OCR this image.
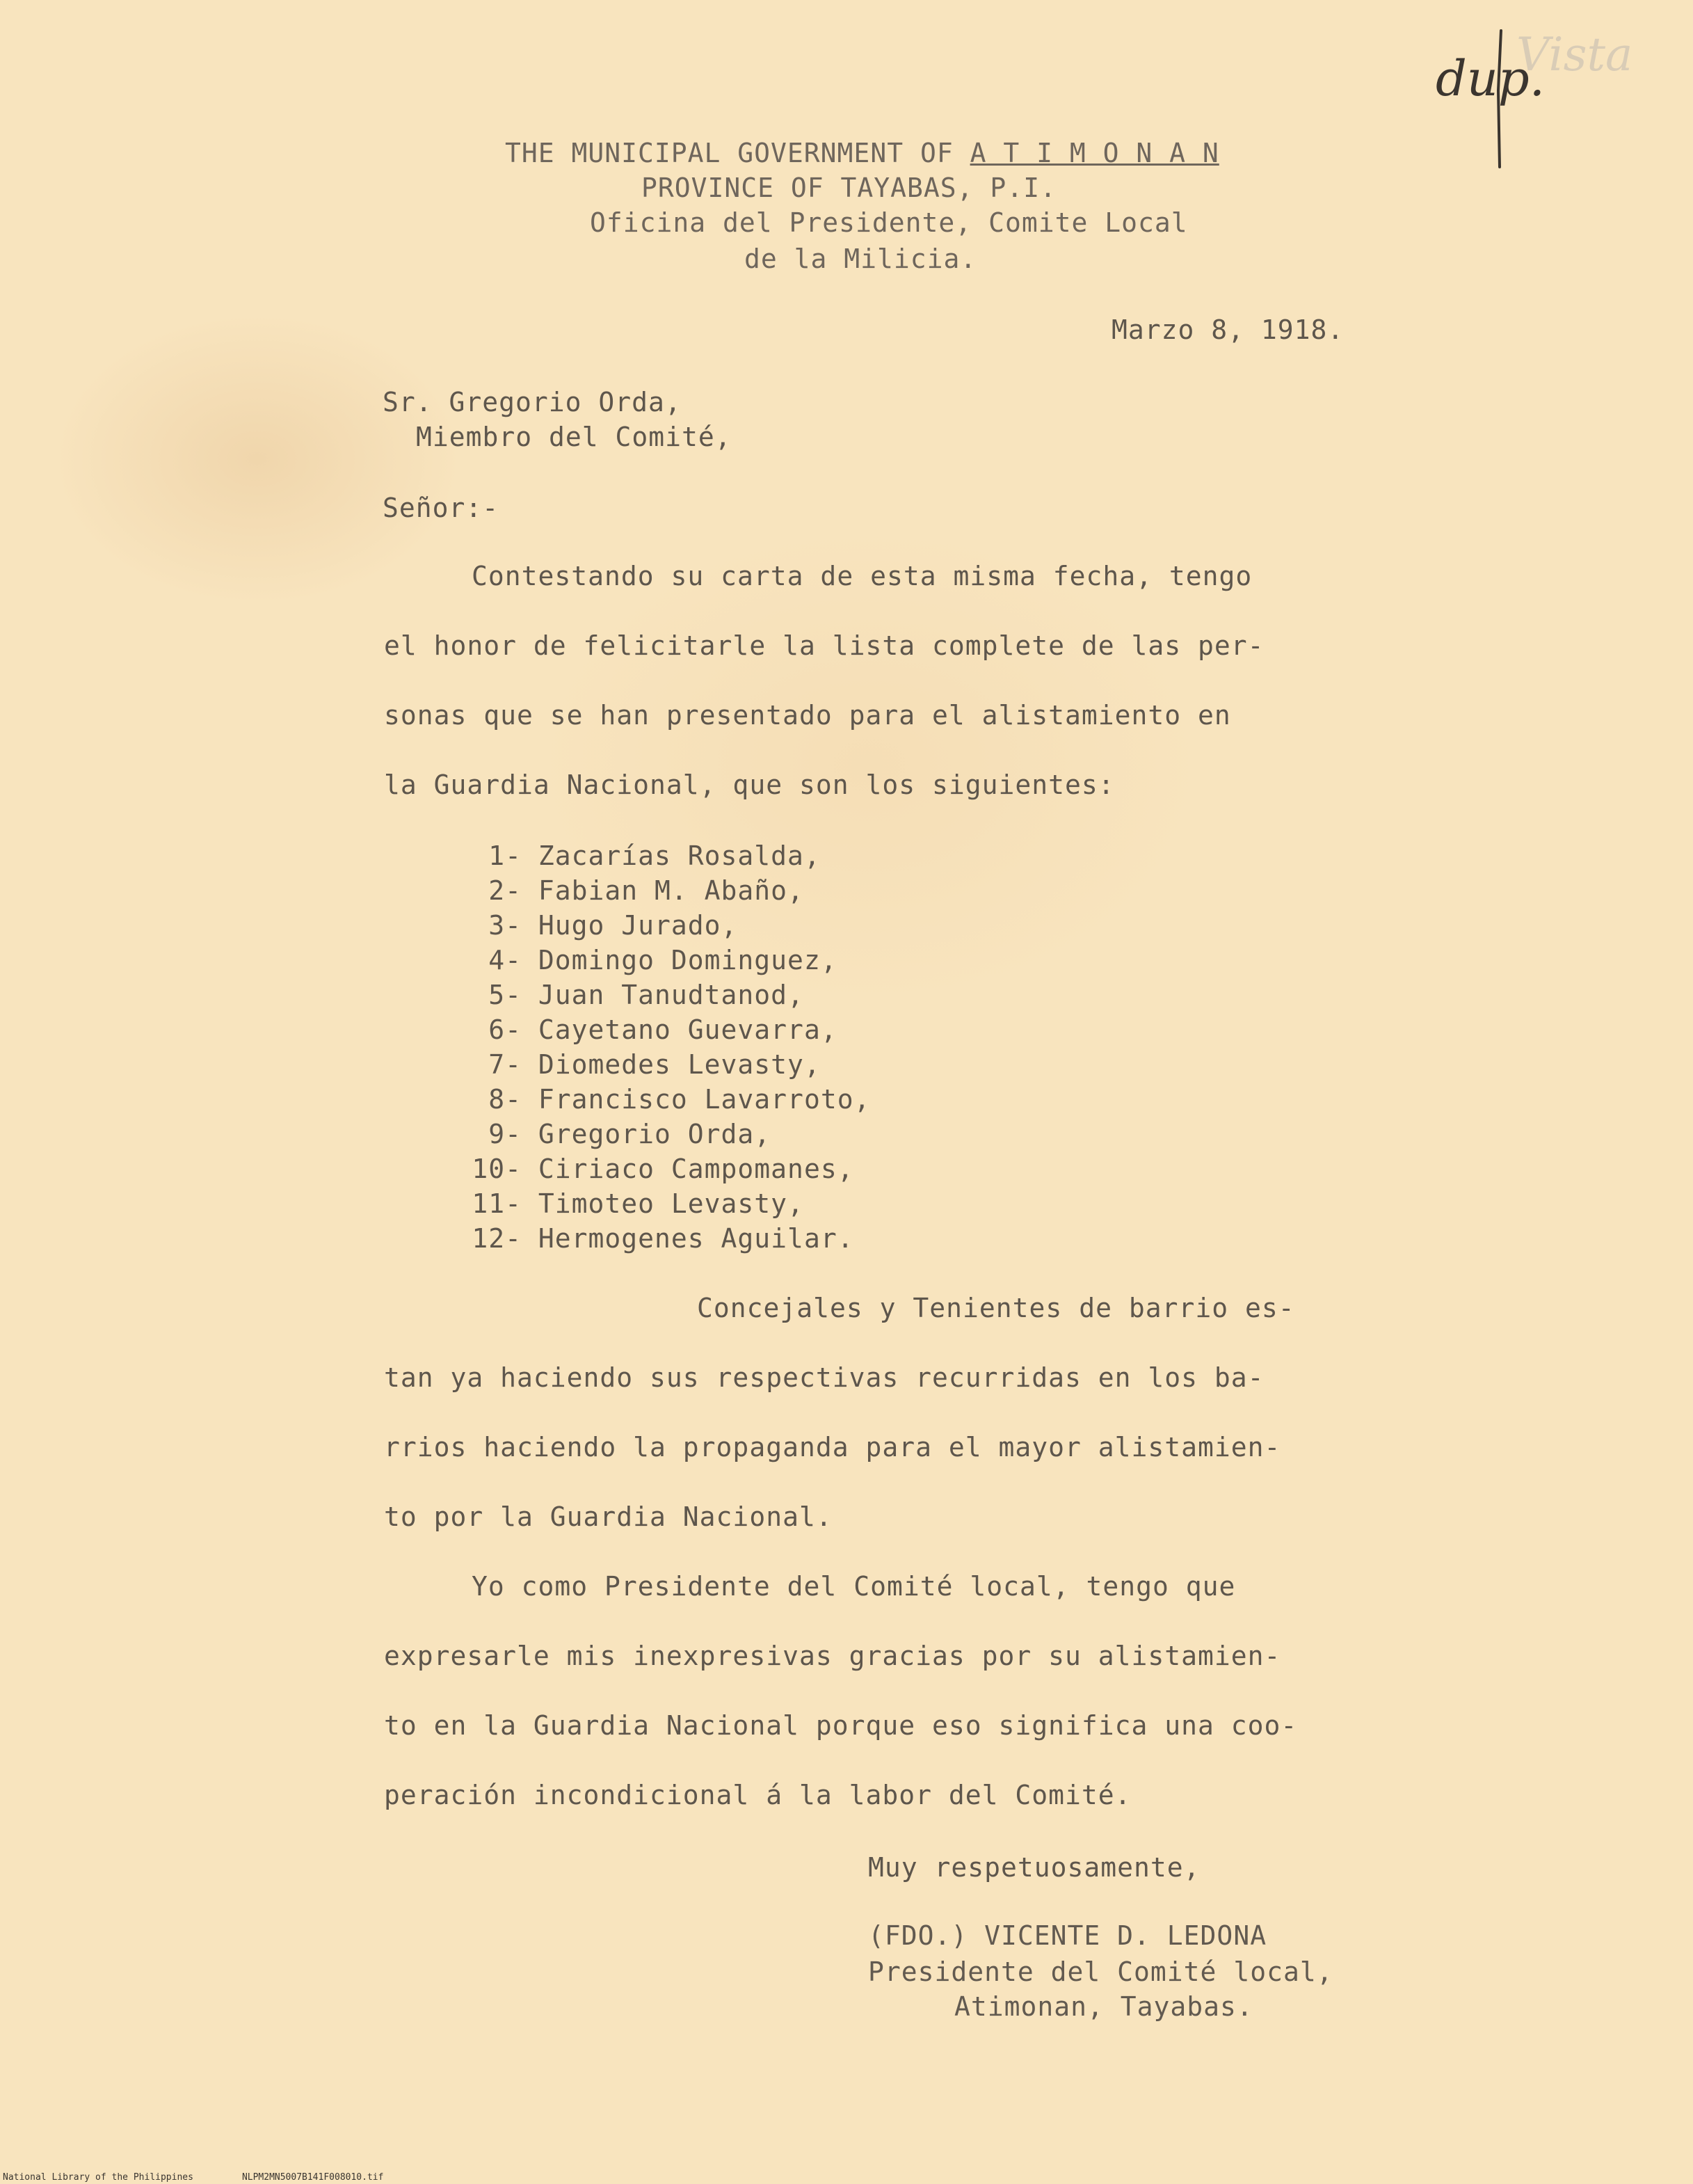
dup.
Vista
THE MUNICIPAL GOVERNMENT OF A T I M O N A N
PROVINCE OF TAYABAS, P.I.
Oficina del Presidente, Comite Local
de la Milicia.
Marzo 8, 1918.
Sr. Gregorio Orda,
Miembro del Comité,
Señor:-
Contestando su carta de esta misma fecha, tengo
el honor de felicitarle la lista complete de las per-
sonas que se han presentado para el alistamiento en
la Guardia Nacional, que son los siguientes:
1- Zacarías Rosalda,
2- Fabian M. Abaño,
3- Hugo Jurado,
4- Domingo Dominguez,
5- Juan Tanudtanod,
6- Cayetano Guevarra,
7- Diomedes Levasty,
8- Francisco Lavarroto,
9- Gregorio Orda,
10- Ciriaco Campomanes,
11- Timoteo Levasty,
12- Hermogenes Aguilar.
Concejales y Tenientes de barrio es-
tan ya haciendo sus respectivas recurridas en los ba-
rrios haciendo la propaganda para el mayor alistamien-
to por la Guardia Nacional.
Yo como Presidente del Comité local, tengo que
expresarle mis inexpresivas gracias por su alistamien-
to en la Guardia Nacional porque eso significa una coo-
peración incondicional á la labor del Comité.
Muy respetuosamente,
(FDO.) VICENTE D. LEDONA
Presidente del Comité local,
Atimonan, Tayabas.
National Library of the Philippines	NLPM2MN5007B141F008010.tif
